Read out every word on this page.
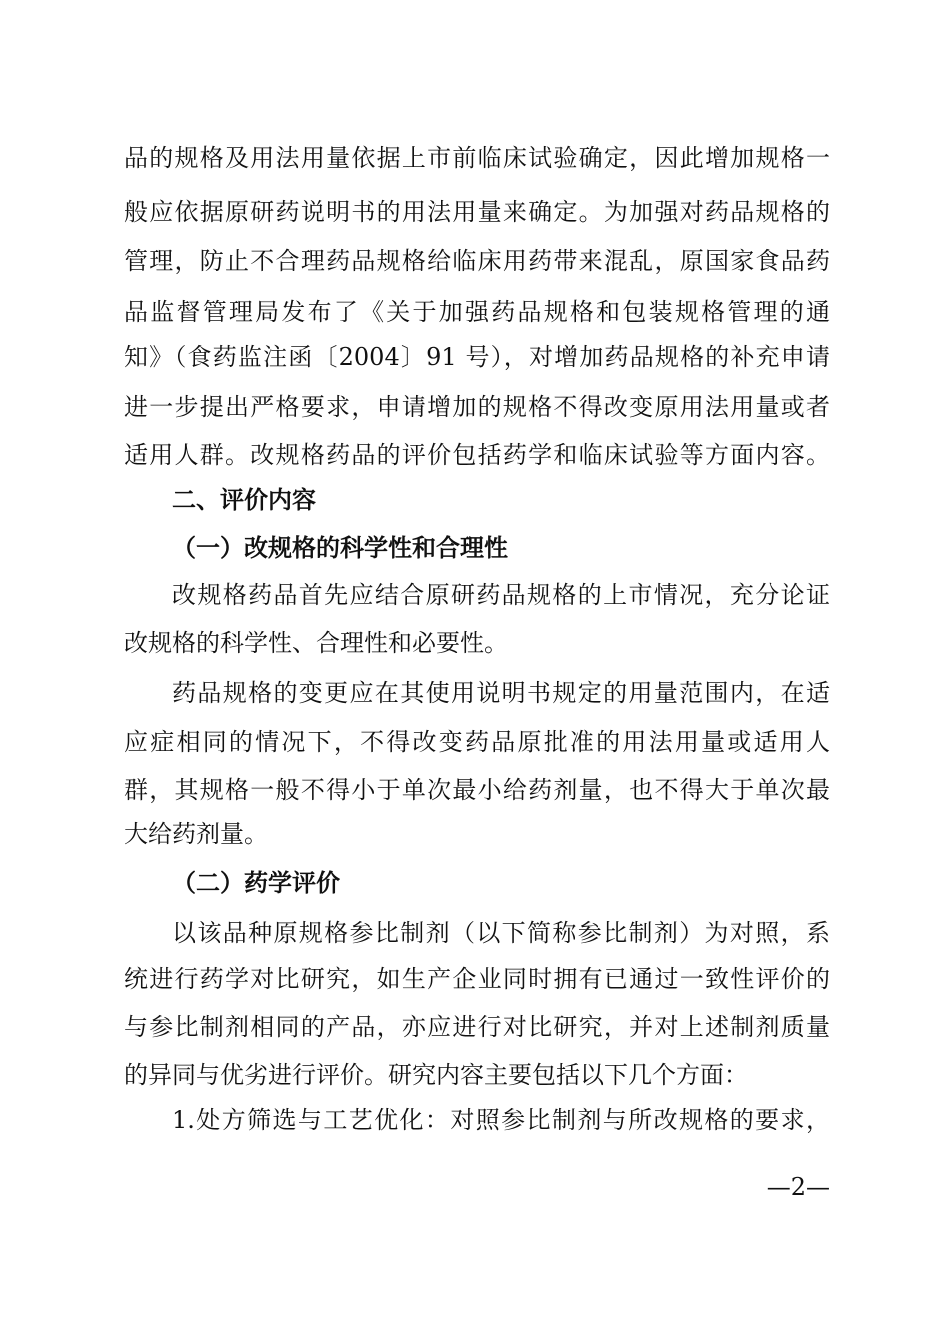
品的规格及用法用量依据上市前临床试验确定，因此增加规格一
般应依据原研药说明书的用法用量来确定。为加强对药品规格的
管理，防止不合理药品规格给临床用药带来混乱，原国家食品药
品监督管理局发布了《关于加强药品规格和包装规格管理的通
知》（食药监注函〔2004〕91 号），对增加药品规格的补充申请
进一步提出严格要求，申请增加的规格不得改变原用法用量或者
适用人群。改规格药品的评价包括药学和临床试验等方面内容。
二、评价内容
（一）改规格的科学性和合理性
改规格药品首先应结合原研药品规格的上市情况，充分论证
改规格的科学性、合理性和必要性。
药品规格的变更应在其使用说明书规定的用量范围内，在适
应症相同的情况下，不得改变药品原批准的用法用量或适用人
群，其规格一般不得小于单次最小给药剂量，也不得大于单次最
大给药剂量。
（二）药学评价
以该品种原规格参比制剂（以下简称参比制剂）为对照，系
统进行药学对比研究，如生产企业同时拥有已通过一致性评价的
与参比制剂相同的产品，亦应进行对比研究，并对上述制剂质量
的异同与优劣进行评价。研究内容主要包括以下几个方面：
1.处方筛选与工艺优化：对照参比制剂与所改规格的要求，
—2—
